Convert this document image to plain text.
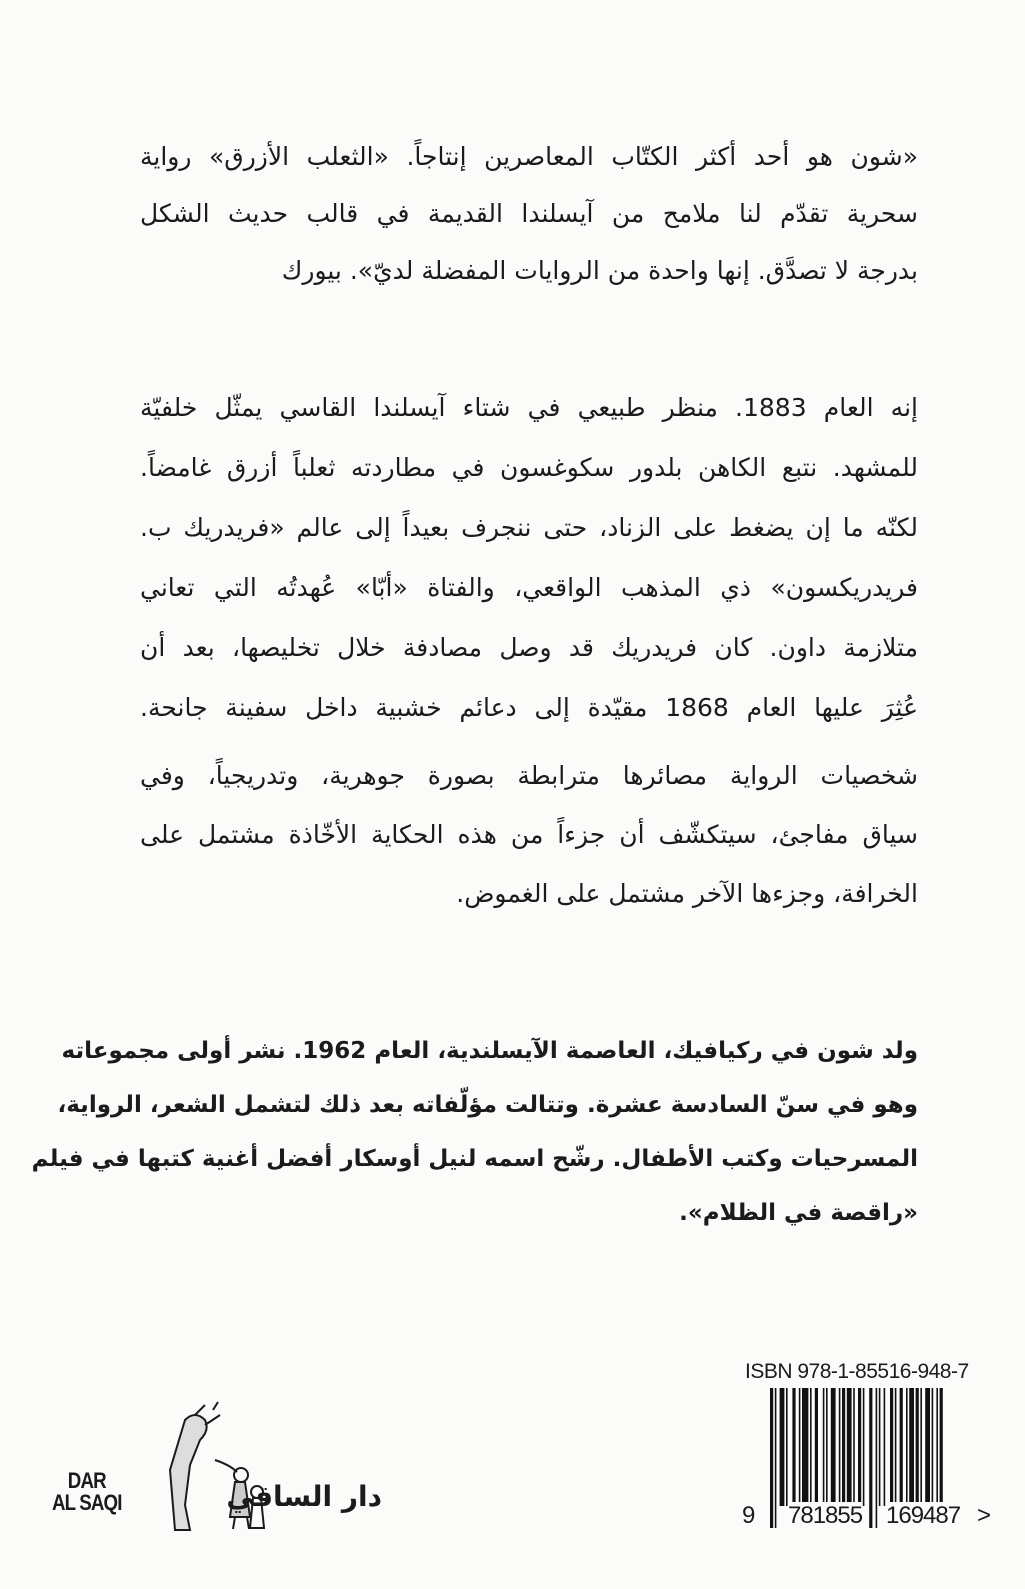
«شون هو أحد أكثر الكتّاب المعاصرين إنتاجاً. «الثعلب الأزرق» رواية
سحرية تقدّم لنا ملامح من آيسلندا القديمة في قالب حديث الشكل
بدرجة لا تصدَّق. إنها واحدة من الروايات المفضلة لديّ». بيورك
إنه العام 1883. منظر طبيعي في شتاء آيسلندا القاسي يمثّل خلفيّة
للمشهد. نتبع الكاهن بلدور سكوغسون في مطاردته ثعلباً أزرق غامضاً.
لكنّه ما إن يضغط على الزناد، حتى ننجرف بعيداً إلى عالم «فريدريك ب.
فريدريكسون» ذي المذهب الواقعي، والفتاة «أبّا» عُهدتُه التي تعاني
متلازمة داون. كان فريدريك قد وصل مصادفة خلال تخليصها، بعد أن
عُثِرَ عليها العام 1868 مقيّدة إلى دعائم خشبية داخل سفينة جانحة.
شخصيات الرواية مصائرها مترابطة بصورة جوهرية، وتدريجياً، وفي
سياق مفاجئ، سيتكشّف أن جزءاً من هذه الحكاية الأخّاذة مشتمل على
الخرافة، وجزءها الآخر مشتمل على الغموض.
ولد شون في ركيافيك، العاصمة الآيسلندية، العام 1962. نشر أولى مجموعاته
وهو في سنّ السادسة عشرة. وتتالت مؤلّفاته بعد ذلك لتشمل الشعر، الرواية،
المسرحيات وكتب الأطفال. رشّح اسمه لنيل أوسكار أفضل أغنية كتبها في فيلم
«راقصة في الظلام».
ISBN 978-1-85516-948-7
9 781855 169487 >
DAR
AL SAQI	دار الساقي
